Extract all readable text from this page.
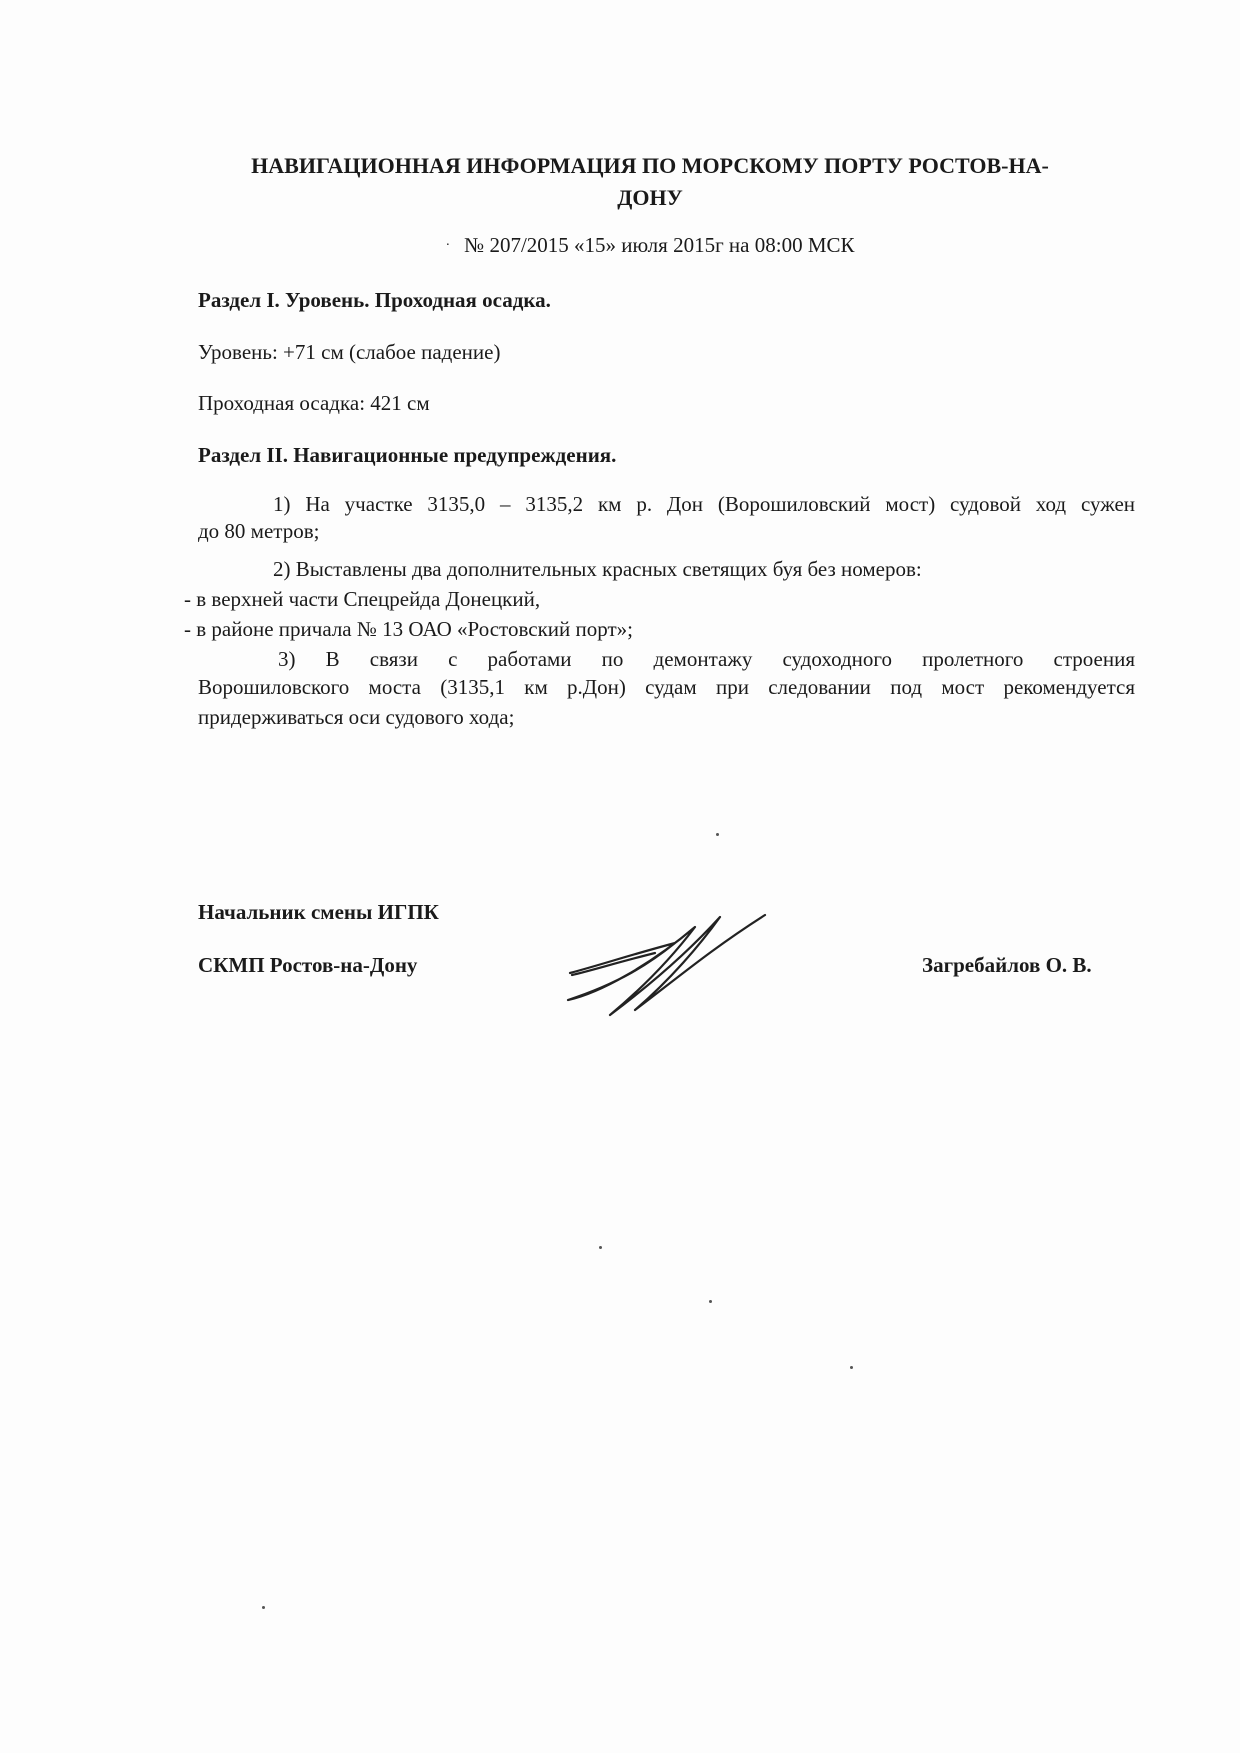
НАВИГАЦИОННАЯ ИНФОРМАЦИЯ ПО МОРСКОМУ ПОРТУ РОСТОВ-НА-
ДОНУ
· № 207/2015 «15» июля 2015г на 08:00 МСК
Раздел I. Уровень. Проходная осадка.
Уровень: +71 см (слабое падение)
Проходная осадка: 421 см
Раздел II. Навигационные предупреждения.
1) На участке 3135,0 – 3135,2 км р. Дон (Ворошиловский мост) судовой ход сужен
до 80 метров;
2) Выставлены два дополнительных красных светящих буя без номеров:
- в верхней части Спецрейда Донецкий,
- в районе причала № 13 ОАО «Ростовский порт»;
3) В связи с работами по демонтажу судоходного пролетного строения
Ворошиловского моста (3135,1 км р.Дон) судам при следовании под мост рекомендуется
придерживаться оси судового хода;
Начальник смены ИГПК
СКМП Ростов-на-Дону	Загребайлов О. В.
